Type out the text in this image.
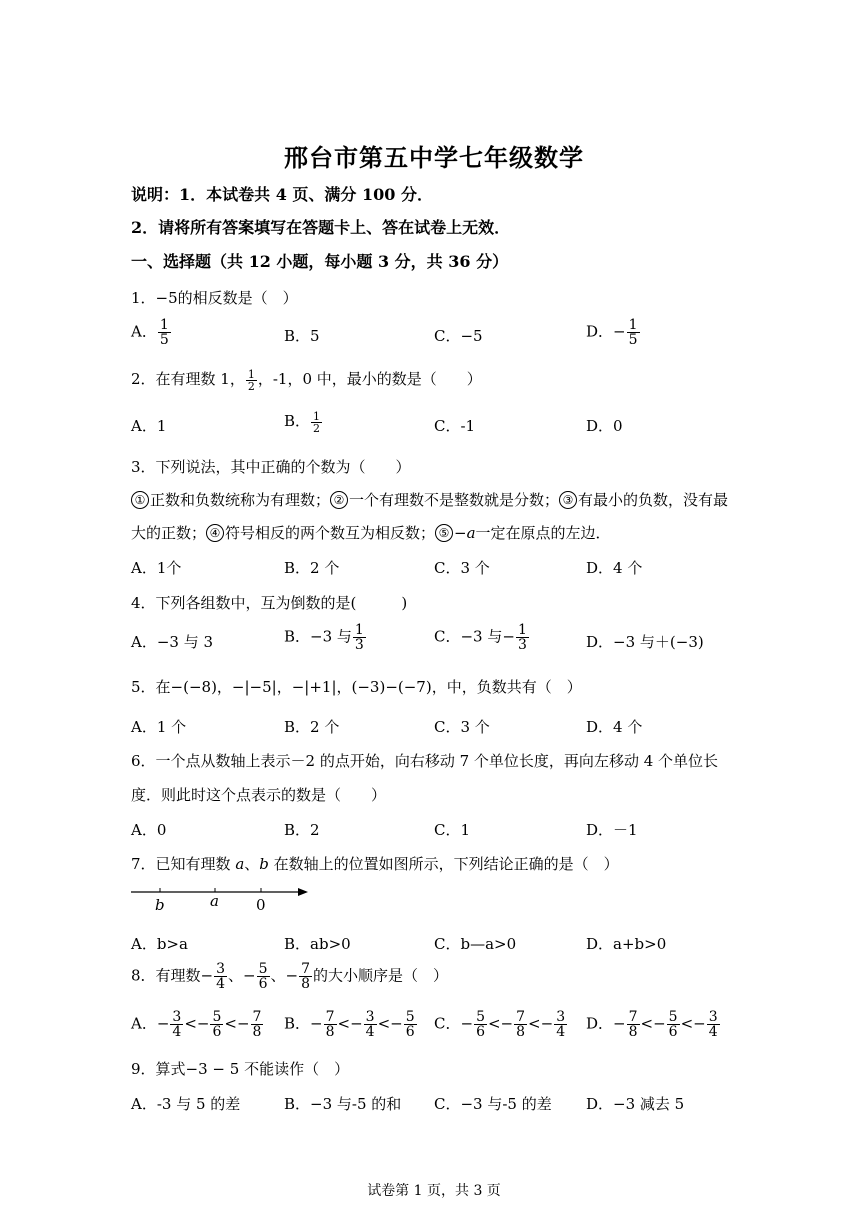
邢台市第五中学七年级数学
说明：1．本试卷共 4 页、满分 100 分．
2．请将所有答案填写在答题卡上、答在试卷上无效．
一、选择题（共 12 小题，每小题 3 分，共 36 分）
1．−5的相反数是（　）
A． $\frac{1}{5}$	B．5	C．−5	D．− $\frac{1}{5}$
2．在有理数 1， $\frac{1}{2}$ ，-1，0 中，最小的数是（　　）
A．1	B． $\frac{1}{2}$	C．-1	D．0
3．下列说法，其中正确的个数为（　　）
① 正数和负数统称为有理数； ② 一个有理数不是整数就是分数； ③ 有最小的负数，没有最
大的正数； ④ 符号相反的两个数互为相反数； ⑤ −a一定在原点的左边．
A．1个	B．2 个	C．3 个	D．4 个
4．下列各组数中，互为倒数的是(　　　)
A．−3 与 3	B．−3 与 $\frac{1}{3}$	C．−3 与− $\frac{1}{3}$	D．−3 与＋(−3)
5．在−(−8)，−|−5|，−|+1|，(−3)−(−7)，中，负数共有（　）
A．1 个	B．2 个	C．3 个	D．4 个
6．一个点从数轴上表示－2 的点开始，向右移动 7 个单位长度，再向左移动 4 个单位长
度．则此时这个点表示的数是（　　）
A．0	B．2	C．1	D．－1
7．已知有理数 a、b 在数轴上的位置如图所示，下列结论正确的是（　）
b	a 0
A．b>a	B．ab>0	C．b—a>0	D．a+b>0
8．有理数− $\frac{3}{4}$ 、− $\frac{5}{6}$ 、− $\frac{7}{8}$ 的大小顺序是（　）
A．− $\frac{3}{4} <- \frac{5}{6} <- \frac{7}{8}$ B．− $\frac{7}{8} <- \frac{3}{4} <- \frac{5}{6}$ C．− $\frac{5}{6} <- \frac{7}{8} <- \frac{3}{4}$ D．− $\frac{7}{8} <- \frac{5}{6} <- \frac{3}{4}$
9．算式−3 − 5 不能读作（　）
A．-3 与 5 的差	B．−3 与-5 的和 C．−3 与-5 的差 D．−3 减去 5
试卷第 1 页，共 3 页
